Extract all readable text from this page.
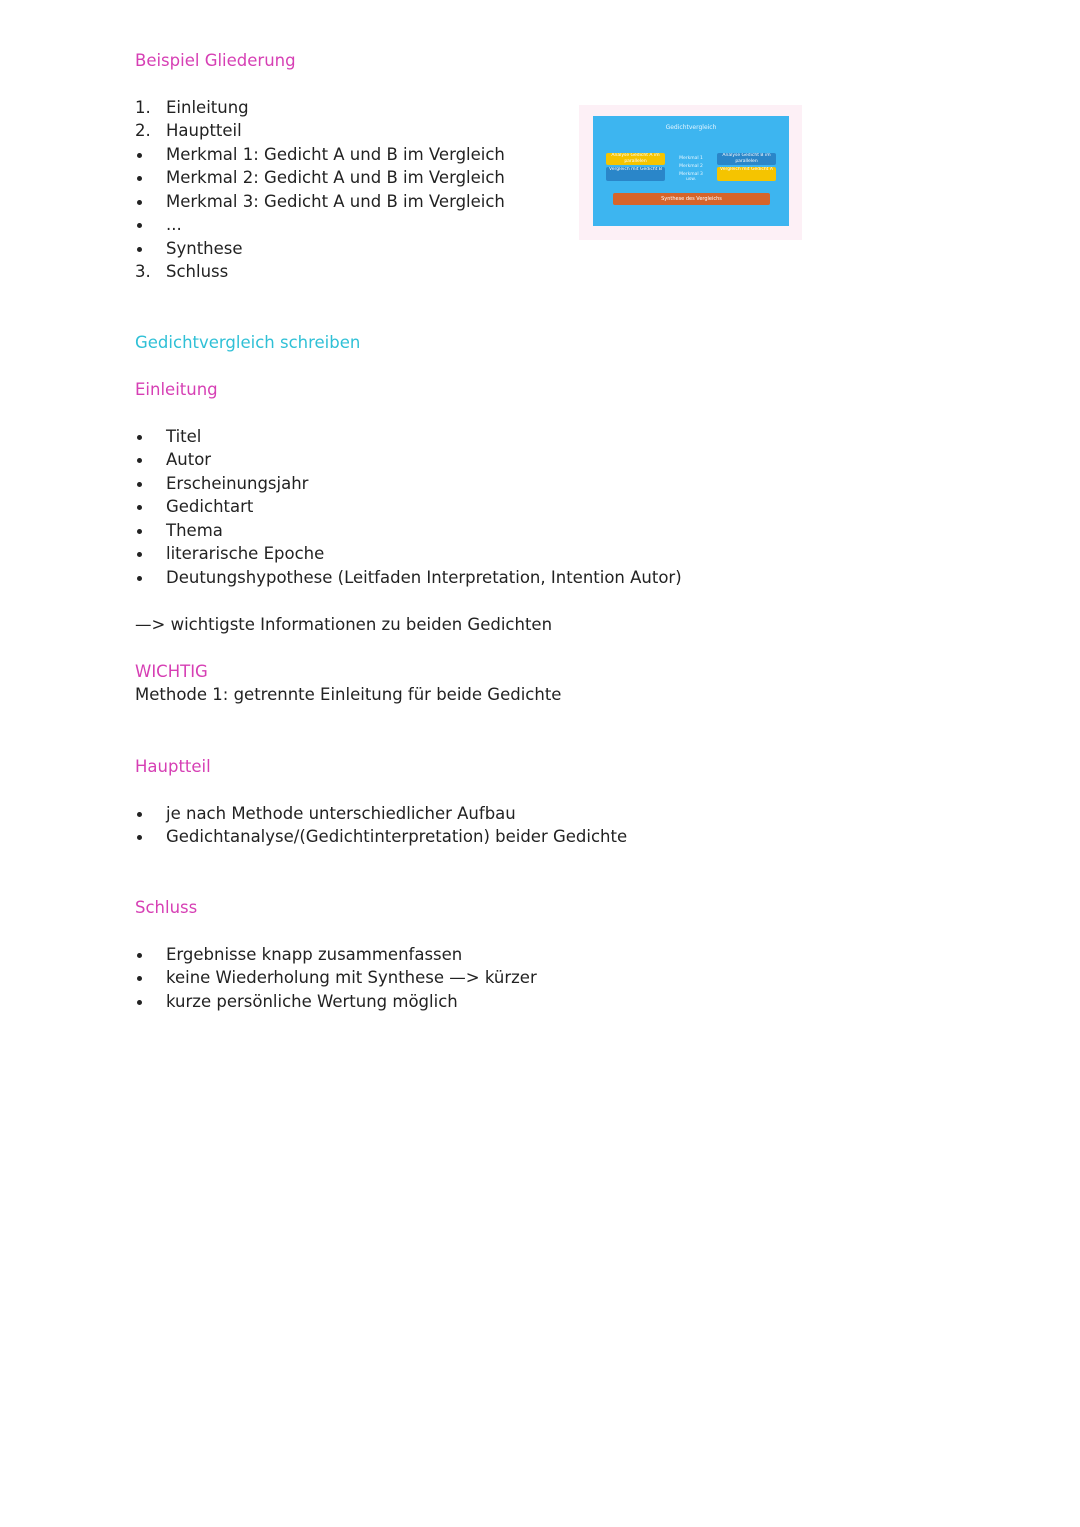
Beispiel Gliederung
1. Einleitung
2. Hauptteil
Merkmal 1: Gedicht A und B im Vergleich
Merkmal 2: Gedicht A und B im Vergleich
Merkmal 3: Gedicht A und B im Vergleich
...
Synthese
3. Schluss
Gedichtvergleich
Analyse Gedicht A im parallelen
Vergleich mit Gedicht B
Merkmal 1
Merkmal 2
Merkmal 3
usw.
Analyse Gedicht B im parallelen
Vergleich mit Gedicht A
Synthese des Vergleichs
Gedichtvergleich schreiben
Einleitung
Titel
Autor
Erscheinungsjahr
Gedichtart
Thema
literarische Epoche
Deutungshypothese (Leitfaden Interpretation, Intention Autor)
—> wichtigste Informationen zu beiden Gedichten
WICHTIG
Methode 1: getrennte Einleitung für beide Gedichte
Hauptteil
je nach Methode unterschiedlicher Aufbau
Gedichtanalyse/(Gedichtinterpretation) beider Gedichte
Schluss
Ergebnisse knapp zusammenfassen
keine Wiederholung mit Synthese —> kürzer
kurze persönliche Wertung möglich
